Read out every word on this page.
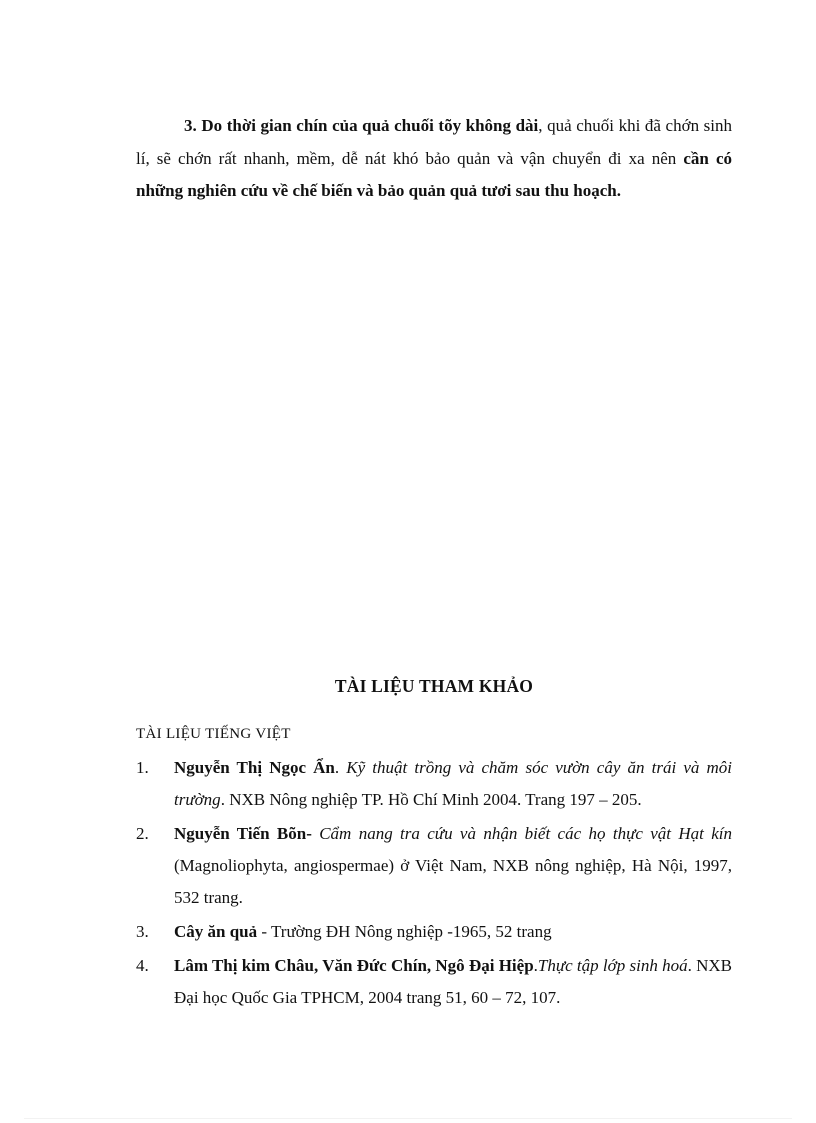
3. Do thời gian chín của quả chuối tõy không dài, quả chuối khi đã chớn sinh lí, sẽ chớn rất nhanh, mềm, dễ nát khó bảo quản và vận chuyển đi xa nên cần có những nghiên cứu về chế biến và bảo quản quả tươi sau thu hoạch.

TÀI LIỆU THAM KHẢO
TÀI LIỆU TIẾNG VIỆT
1. Nguyễn Thị Ngọc Ẩn. Kỹ thuật trồng và chăm sóc vườn cây ăn trái và môi trường. NXB Nông nghiệp TP. Hồ Chí Minh 2004. Trang 197 – 205.
2. Nguyễn Tiến Bõn- Cẩm nang tra cứu và nhận biết các họ thực vật Hạt kín (Magnoliophyta, angiospermae) ở Việt Nam, NXB nông nghiệp, Hà Nội, 1997, 532 trang.
3. Cây ăn quả - Trường ĐH Nông nghiệp -1965, 52 trang
4. Lâm Thị kim Châu, Văn Đức Chín, Ngô Đại Hiệp.Thực tập lớp sinh hoá. NXB Đại học Quốc Gia TPHCM, 2004 trang 51, 60 – 72, 107.
